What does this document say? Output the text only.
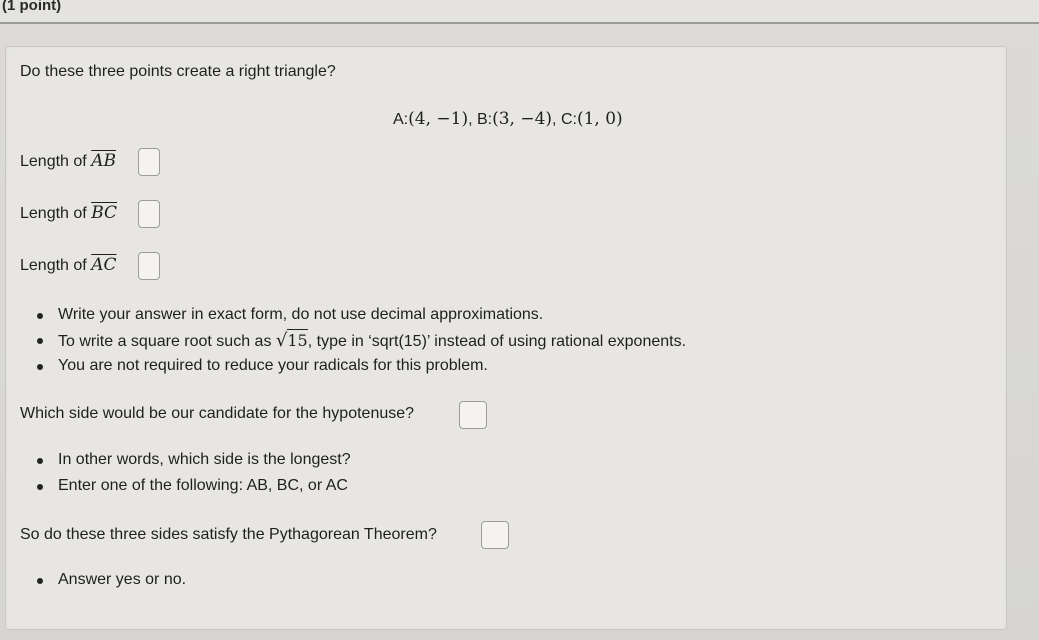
(1 point)
Do these three points create a right triangle?
A:(4, −1), B:(3, −4), C:(1, 0)
Length of $\overline{AB}$
Length of $\overline{BC}$
Length of $\overline{AC}$
Write your answer in exact form, do not use decimal approximations.
To write a square root such as √15, type in ‘sqrt(15)’ instead of using rational exponents.
You are not required to reduce your radicals for this problem.
Which side would be our candidate for the hypotenuse?
In other words, which side is the longest?
Enter one of the following: AB, BC, or AC
So do these three sides satisfy the Pythagorean Theorem?
Answer yes or no.
